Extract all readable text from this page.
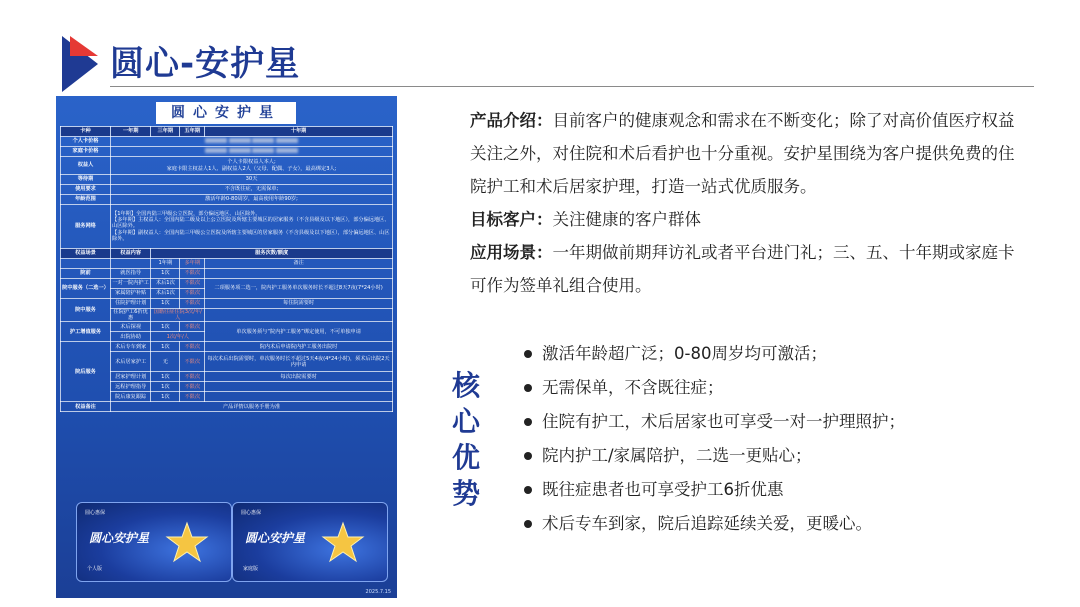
圆心-安护星
圆心安护星
卡种	一年期	三年期	五年期	十年期
个人卡价格				
家庭卡价格				
权益人	个人卡限权益人本人;
家庭卡限主权益人1人、副权益人2人（父母、配偶、子女），最高绑定3人;			

等待期	30天			
使用要求	不含既往症，无需保单;			
年龄范围	激活年龄0-80周岁，最高使用年龄90岁;			
服务网络	【1年期】全国内陆三甲级公立医院，部分偏远地区、山区除外。
【多年期】主权益人：全国内陆二级及以上公立医院及所辖主要城区的居家服务（不含县级及以下地区），部分偏远地区、山区除外。
【多年期】副权益人：全国内陆三甲级公立医院及所辖主要城区的居家服务（不含县级及以下地区），部分偏远地区、山区除外。			

权益场景	权益内容	服务次数/额度		
		1年期	多年期	备注
院前	就医指导	1次	不限次	
院中服务（二选一）	一对一院内护工	术后1次	不限次	二项服务项二选一，院内护工服务单次服务时长不超过8天7夜(7*24小时)
	家属陪护补贴	术后1次	不限次	
院中服务	住院护理计划	1次	不限次	每住院需要时
	住院护工6折优惠	国籍往症住院3次/年/人		
护工增值服务	术后探视	1次	不限次	单次服务须与“院内护工服务”绑定使用，不可单独申请
	出院协助	1次/年/人		
院后服务	术后专车到家	1次	不限次	院内术后申请院内护工服务出院时
	术后居家护工	无	不限次	每次术后出院需要时，单次服务时长不超过5天4夜(4*24小时)，须术后出院2天内申请
	居家护理计划	1次	不限次	每次出院需要时
	远程护理指导	1次	不限次	
	院后康复跟踪	1次	不限次	
权益备注	产品详情以服务手册为准			
圆心惠保
圆心安护星
个人版
圆心惠保
圆心安护星
家庭版
2025.7.15

产品介绍：目前客户的健康观念和需求在不断变化；除了对高价值医疗权益关注之外，对住院和术后看护也十分重视。安护星围绕为客户提供免费的住院护工和术后居家护理，打造一站式优质服务。

目标客户：关注健康的客户群体

应用场景：一年期做前期拜访礼或者平台进门礼；三、五、十年期或家庭卡可作为签单礼组合使用。

核心优势
激活年龄超广泛；0-80周岁均可激活；
无需保单，不含既往症；
住院有护工，术后居家也可享受一对一护理照护；
院内护工/家属陪护，二选一更贴心；
既往症患者也可享受护工6折优惠
术后专车到家，院后追踪延续关爱，更暖心。
